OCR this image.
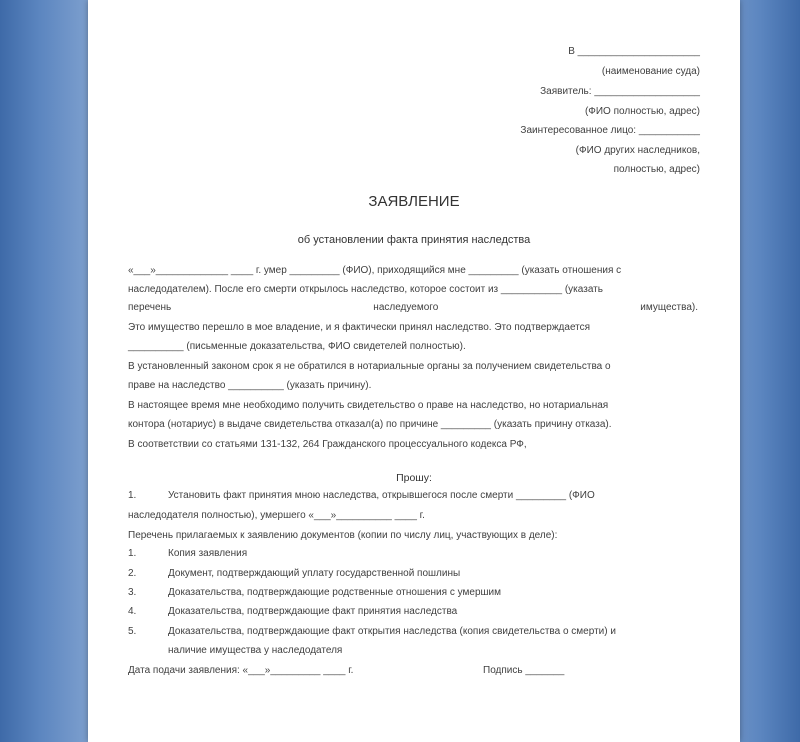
В ______________________
(наименование суда)
Заявитель: ___________________
(ФИО полностью, адрес)
Заинтересованное лицо: ___________
(ФИО других наследников,
полностью, адрес)
ЗАЯВЛЕНИЕ
об установлении факта принятия наследства
«___»_____________ ____ г. умер _________ (ФИО), приходящийся мне _________ (указать отношения с
наследодателем). После его смерти открылось наследство, которое состоит из ___________ (указать
перечень наследуемого имущества).
Это имущество перешло в мое владение, и я фактически принял наследство. Это подтверждается
__________ (письменные доказательства, ФИО свидетелей полностью).
В установленный законом срок я не обратился в нотариальные органы за получением свидетельства о
праве на наследство __________ (указать причину).
В настоящее время мне необходимо получить свидетельство о праве на наследство, но нотариальная
контора (нотариус) в выдаче свидетельства отказал(а) по причине _________ (указать причину отказа).
В соответствии со статьями 131-132, 264 Гражданского процессуального кодекса РФ,
Прошу:
1.	Установить факт принятия мною наследства, открывшегося после смерти _________ (ФИО
наследодателя полностью), умершего «___»__________ ____ г.
Перечень прилагаемых к заявлению документов (копии по числу лиц, участвующих в деле):
1.	Копия заявления
2.	Документ, подтверждающий уплату государственной пошлины
3.	Доказательства, подтверждающие родственные отношения с умершим
4.	Доказательства, подтверждающие факт принятия наследства
5.	Доказательства, подтверждающие факт открытия наследства (копия свидетельства о смерти) и
наличие имущества у наследодателя
Дата подачи заявления: «___»_________ ____ г.	Подпись _______
